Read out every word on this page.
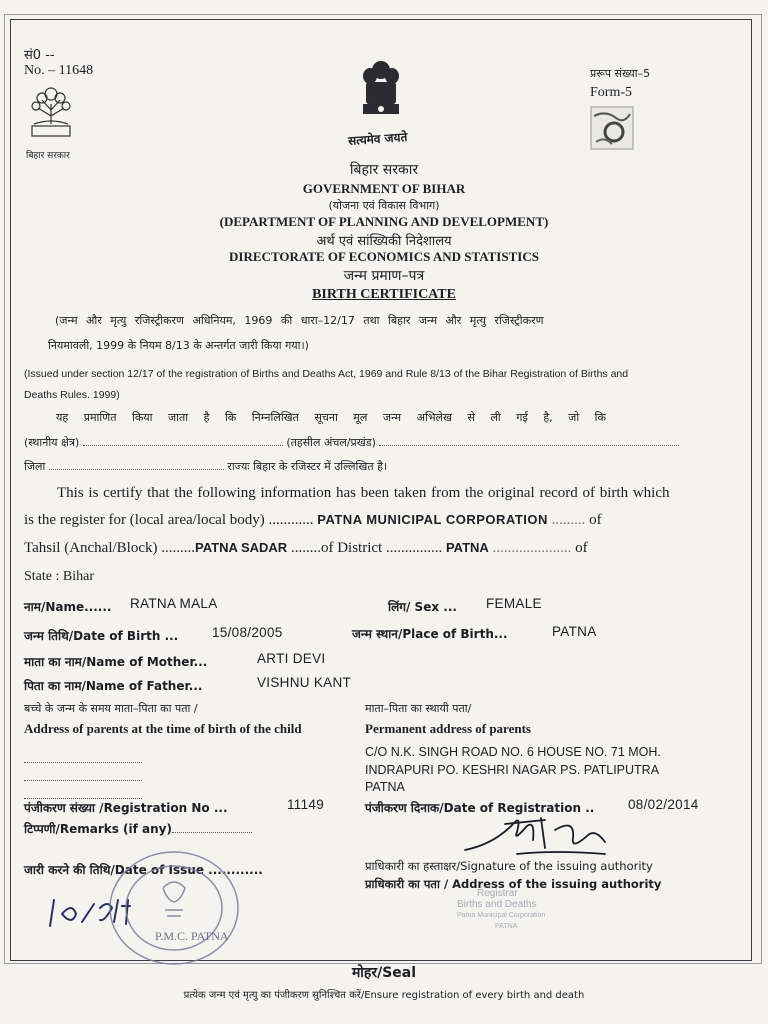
सं0 --
No. – 11648
बिहार सरकार
सत्यमेव जयते
प्ररूप संख्या–5
Form-5
बिहार सरकार
GOVERNMENT OF BIHAR
(योजना एवं विकास विभाग)
(DEPARTMENT OF PLANNING AND DEVELOPMENT)
अर्थ एवं सांख्यिकी निदेशालय
DIRECTORATE OF ECONOMICS AND STATISTICS
जन्म प्रमाण–पत्र
BIRTH CERTIFICATE
(जन्म और मृत्यु रजिस्ट्रीकरण अधिनियम, 1969 की धारा–12/17 तथा बिहार जन्म और मृत्यु रजिस्ट्रीकरण
नियमावली, 1999 के नियम 8/13 के अन्तर्गत जारी किया गया।)
(Issued under section 12/17 of the registration of Births and Deaths Act, 1969 and Rule 8/13 of the Bihar Registration of Births and
Deaths Rules. 1999)
यह प्रमाणित किया जाता है कि निम्नलिखित सूचना मूल जन्म अभिलेख से ली गई है, जो कि
(स्थानीय क्षेत्र)	(तहसील अंचल/प्रखंड)
जिला	राज्यः बिहार के रजिस्टर में उल्लिखित है।
This is certify that the following information has been taken from the original record of birth which
is the register for (local area/local body) ............ PATNA MUNICIPAL CORPORATION ......... of
Tahsil (Anchal/Block) .........PATNA SADAR ........of District ............... PATNA ..................... of
State : Bihar
नाम/Name...... RATNA MALA	लिंग/ Sex ... FEMALE
जन्म तिथि/Date of Birth ...	15/08/2005	जन्म स्थान/Place of Birth...	PATNA
माता का नाम/Name of Mother...	ARTI DEVI
पिता का नाम/Name of Father...	VISHNU KANT
बच्चे के जन्म के समय माता–पिता का पता /	माता–पिता का स्थायी पता/
Address of parents at the time of birth of the child	Permanent address of parents
C/O N.K. SINGH ROAD NO. 6 HOUSE NO. 71 MOH.
INDRAPURI PO. KESHRI NAGAR PS. PATLIPUTRA
PATNA
पंजीकरण संख्या /Registration No ...	11149	पंजीकरण दिनाक/Date of Registration .. 08/02/2014
टिप्पणी/Remarks (if any)
जारी करने की तिथि/Date of Issue ............	प्राधिकारी का हस्ताक्षर/Signature of the issuing authority
प्राधिकारी का पता / Address of the issuing authority
P.M.C. PATNA
Registrar
Births and Deaths
Patna Municipal Corporation
PATNA
मोहर/Seal
प्रत्येक जन्म एवं मृत्यु का पंजीकरण सुनिश्चित करें/Ensure registration of every birth and death
